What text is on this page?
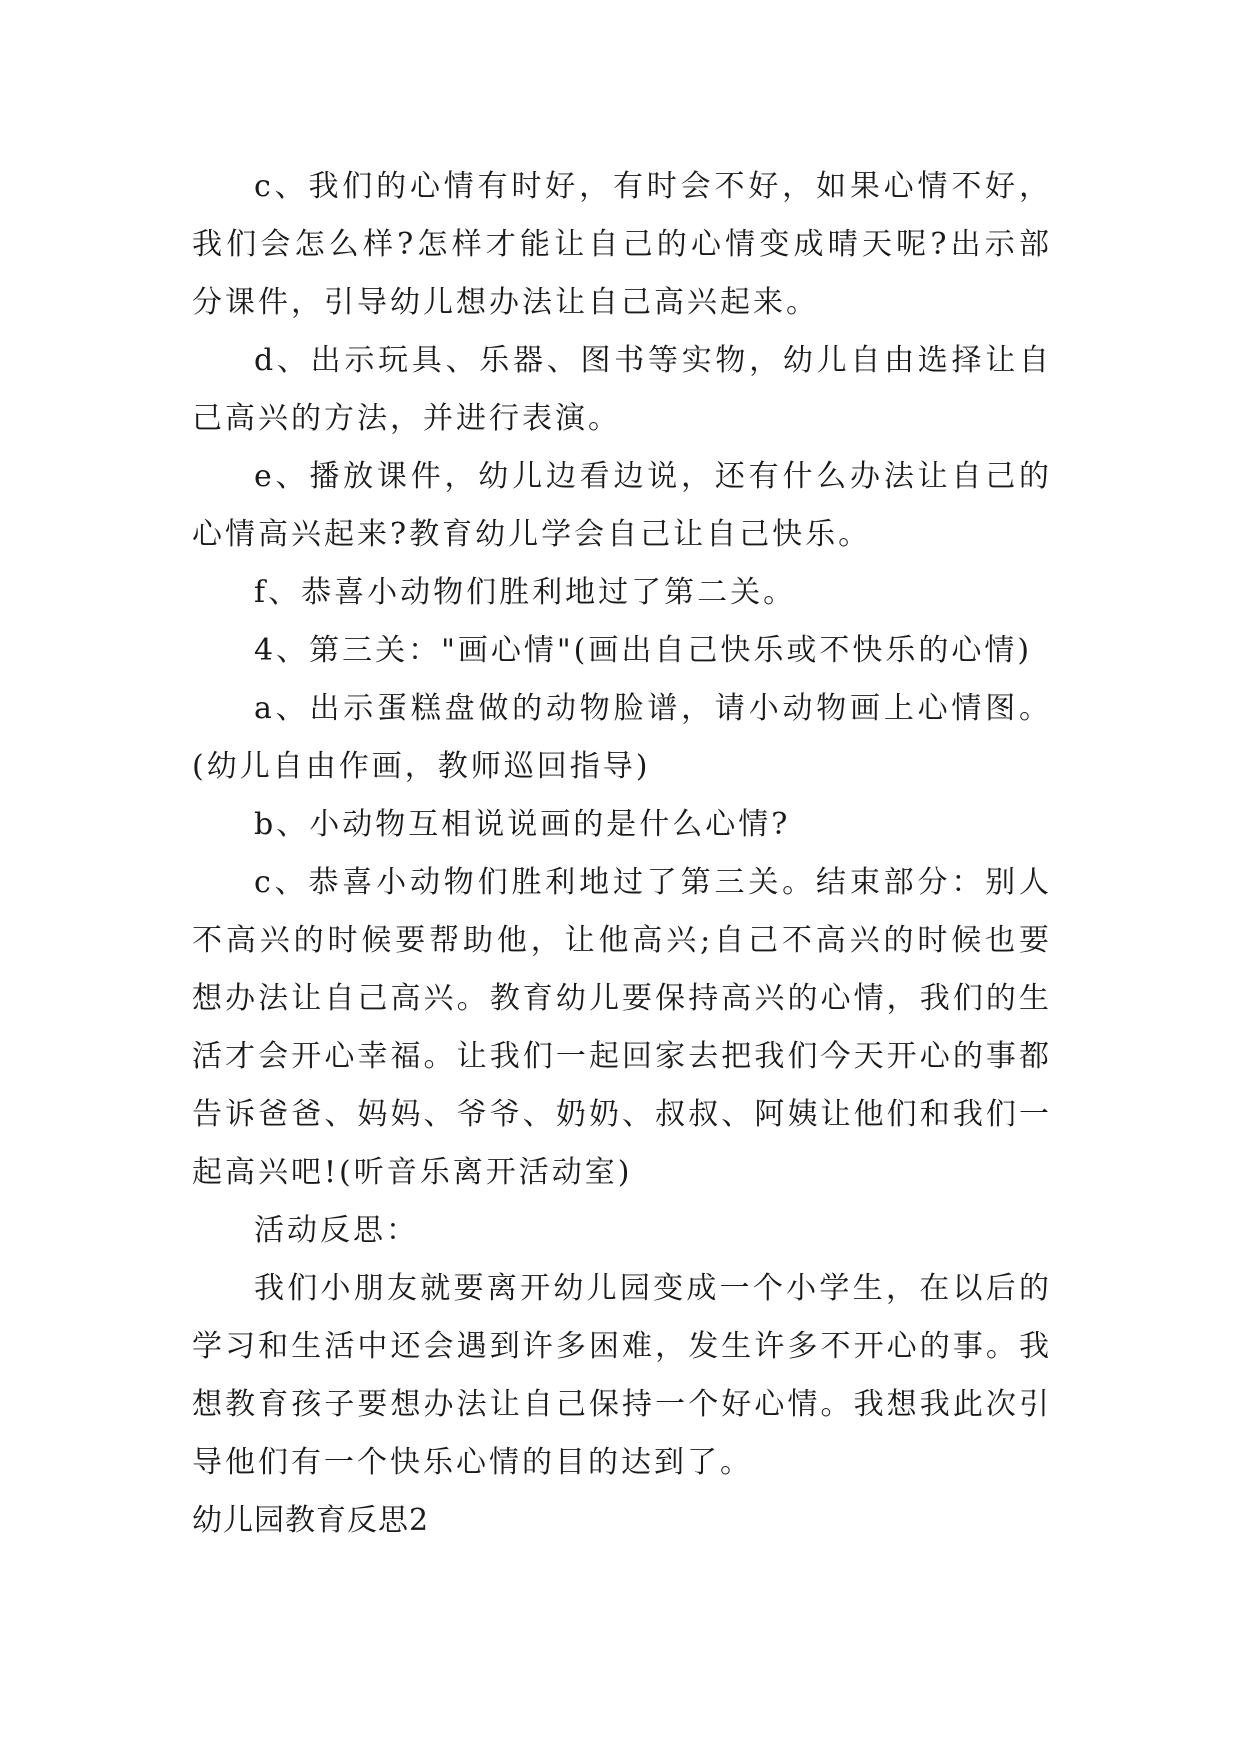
c、我们的心情有时好，有时会不好，如果心情不好，我们会怎么样?怎样才能让自己的心情变成晴天呢?出示部分课件，引导幼儿想办法让自己高兴起来。

d、出示玩具、乐器、图书等实物，幼儿自由选择让自己高兴的方法，并进行表演。

e、播放课件，幼儿边看边说，还有什么办法让自己的心情高兴起来?教育幼儿学会自己让自己快乐。

f、恭喜小动物们胜利地过了第二关。

4、第三关："画心情"(画出自己快乐或不快乐的心情)

a、出示蛋糕盘做的动物脸谱，请小动物画上心情图。(幼儿自由作画，教师巡回指导)

b、小动物互相说说画的是什么心情?

c、恭喜小动物们胜利地过了第三关。结束部分：别人不高兴的时候要帮助他，让他高兴;自己不高兴的时候也要想办法让自己高兴。教育幼儿要保持高兴的心情，我们的生活才会开心幸福。让我们一起回家去把我们今天开心的事都告诉爸爸、妈妈、爷爷、奶奶、叔叔、阿姨让他们和我们一起高兴吧!(听音乐离开活动室)

活动反思：

我们小朋友就要离开幼儿园变成一个小学生，在以后的学习和生活中还会遇到许多困难，发生许多不开心的事。我想教育孩子要想办法让自己保持一个好心情。我想我此次引导他们有一个快乐心情的目的达到了。

幼儿园教育反思2
